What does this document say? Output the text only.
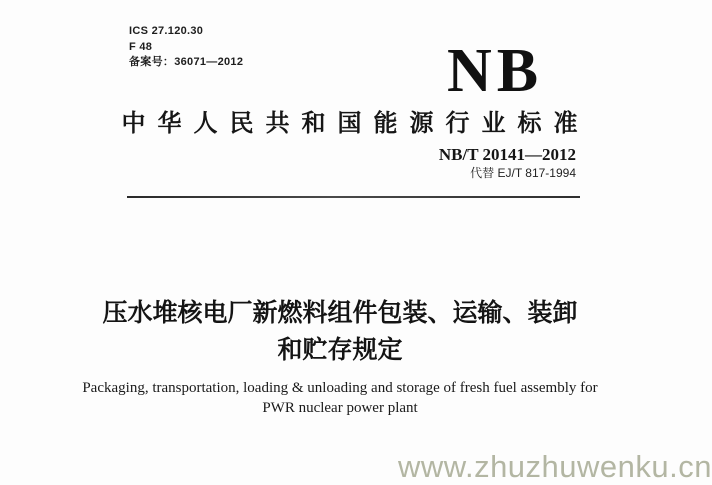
ICS 27.120.30
F 48
备案号：36071—2012	NB
中华人民共和国能源行业标准
NB/T 20141—2012
代替 EJ/T 817-1994
压水堆核电厂新燃料组件包装、运输、装卸
和贮存规定
Packaging, transportation, loading & unloading and storage of fresh fuel assembly for
PWR nuclear power plant
www.zhuzhuwenku.cn
